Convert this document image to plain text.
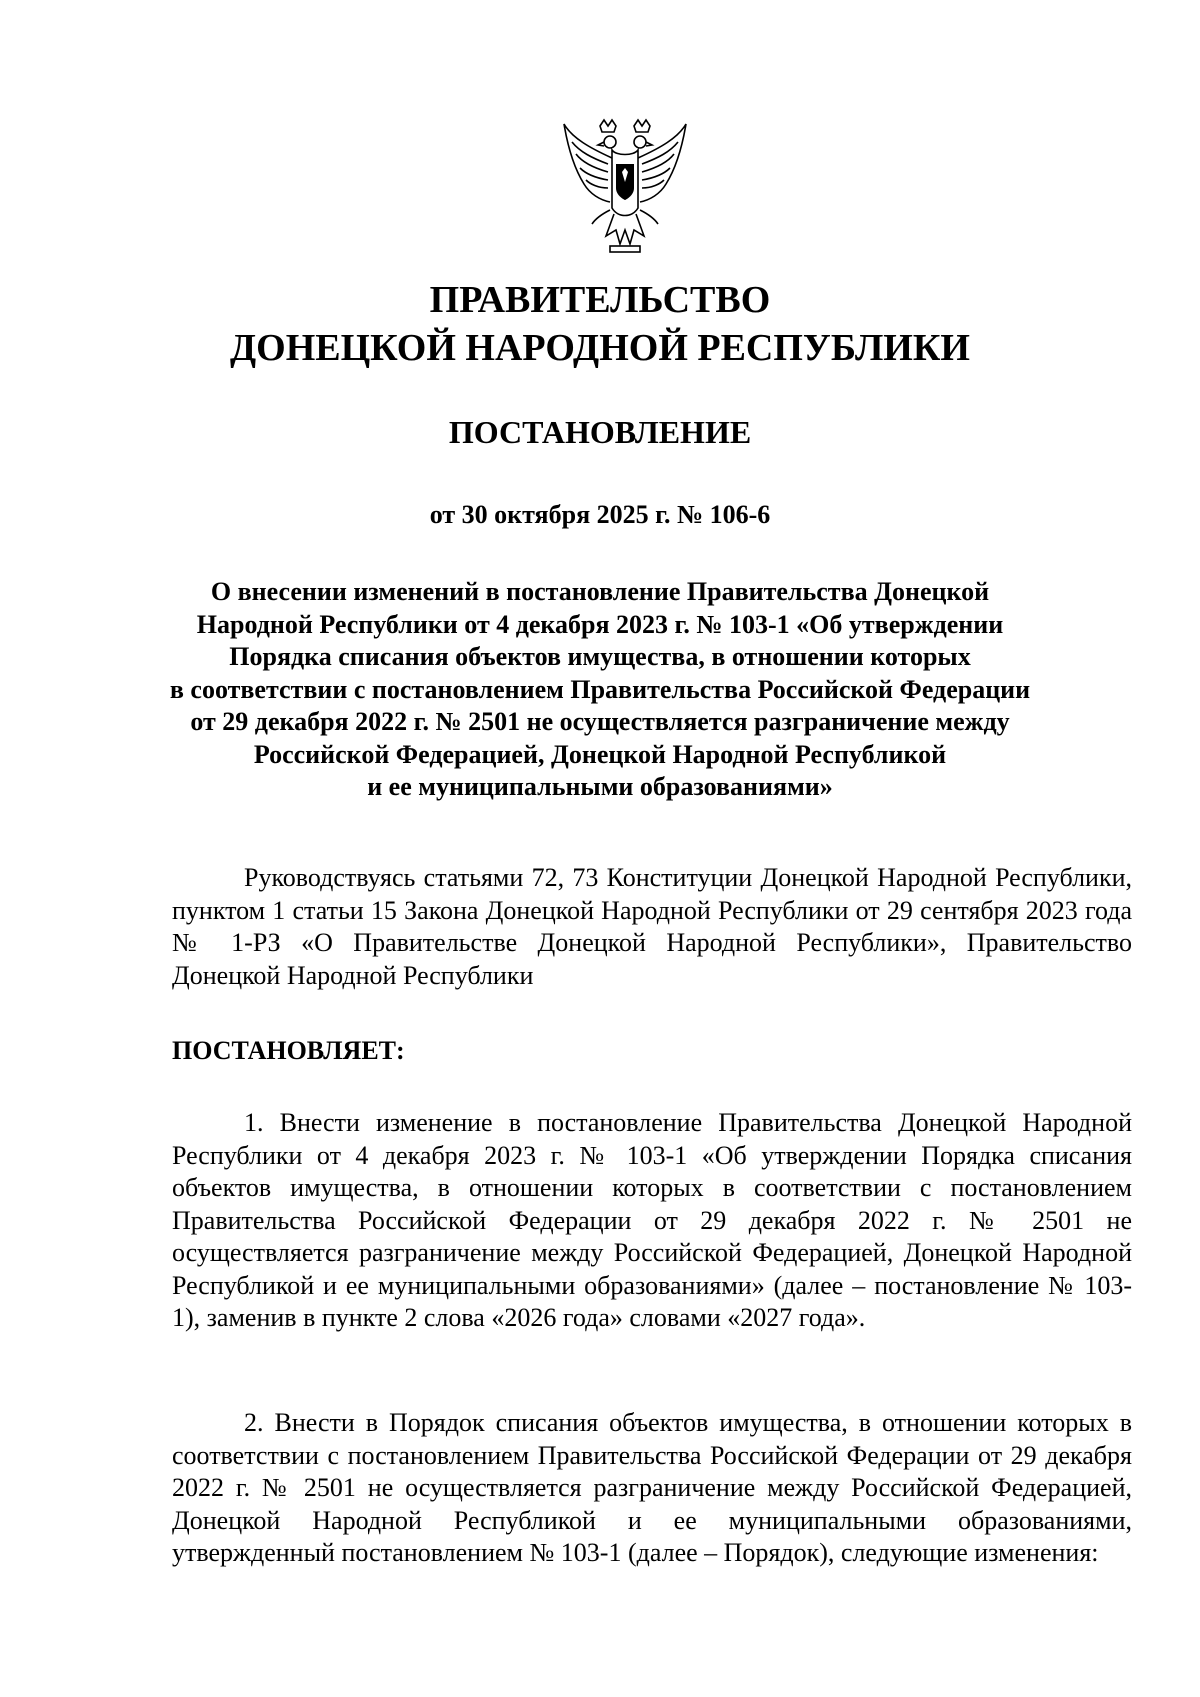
ПРАВИТЕЛЬСТВО
ДОНЕЦКОЙ НАРОДНОЙ РЕСПУБЛИКИ
ПОСТАНОВЛЕНИЕ
от 30 октября 2025 г. № 106-6
О внесении изменений в постановление Правительства Донецкой
Народной Республики от 4 декабря 2023 г. № 103-1 «Об утверждении
Порядка списания объектов имущества, в отношении которых
в соответствии с постановлением Правительства Российской Федерации
от 29 декабря 2022 г. № 2501 не осуществляется разграничение между
Российской Федерацией, Донецкой Народной Республикой
и ее муниципальными образованиями»
Руководствуясь статьями 72, 73 Конституции Донецкой Народной Республики, пунктом 1 статьи 15 Закона Донецкой Народной Республики от 29 сентября 2023 года № 1-РЗ «О Правительстве Донецкой Народной Республики», Правительство Донецкой Народной Республики
ПОСТАНОВЛЯЕТ:
1. Внести изменение в постановление Правительства Донецкой Народной Республики от 4 декабря 2023 г. № 103-1 «Об утверждении Порядка списания объектов имущества, в отношении которых в соответствии с постановлением Правительства Российской Федерации от 29 декабря 2022 г. № 2501 не осуществляется разграничение между Российской Федерацией, Донецкой Народной Республикой и ее муниципальными образованиями» (далее – постановление № 103-1), заменив в пункте 2 слова «2026 года» словами «2027 года».
2. Внести в Порядок списания объектов имущества, в отношении которых в соответствии с постановлением Правительства Российской Федерации от 29 декабря 2022 г. № 2501 не осуществляется разграничение между Российской Федерацией, Донецкой Народной Республикой и ее муниципальными образованиями, утвержденный постановлением № 103-1 (далее – Порядок), следующие изменения:
